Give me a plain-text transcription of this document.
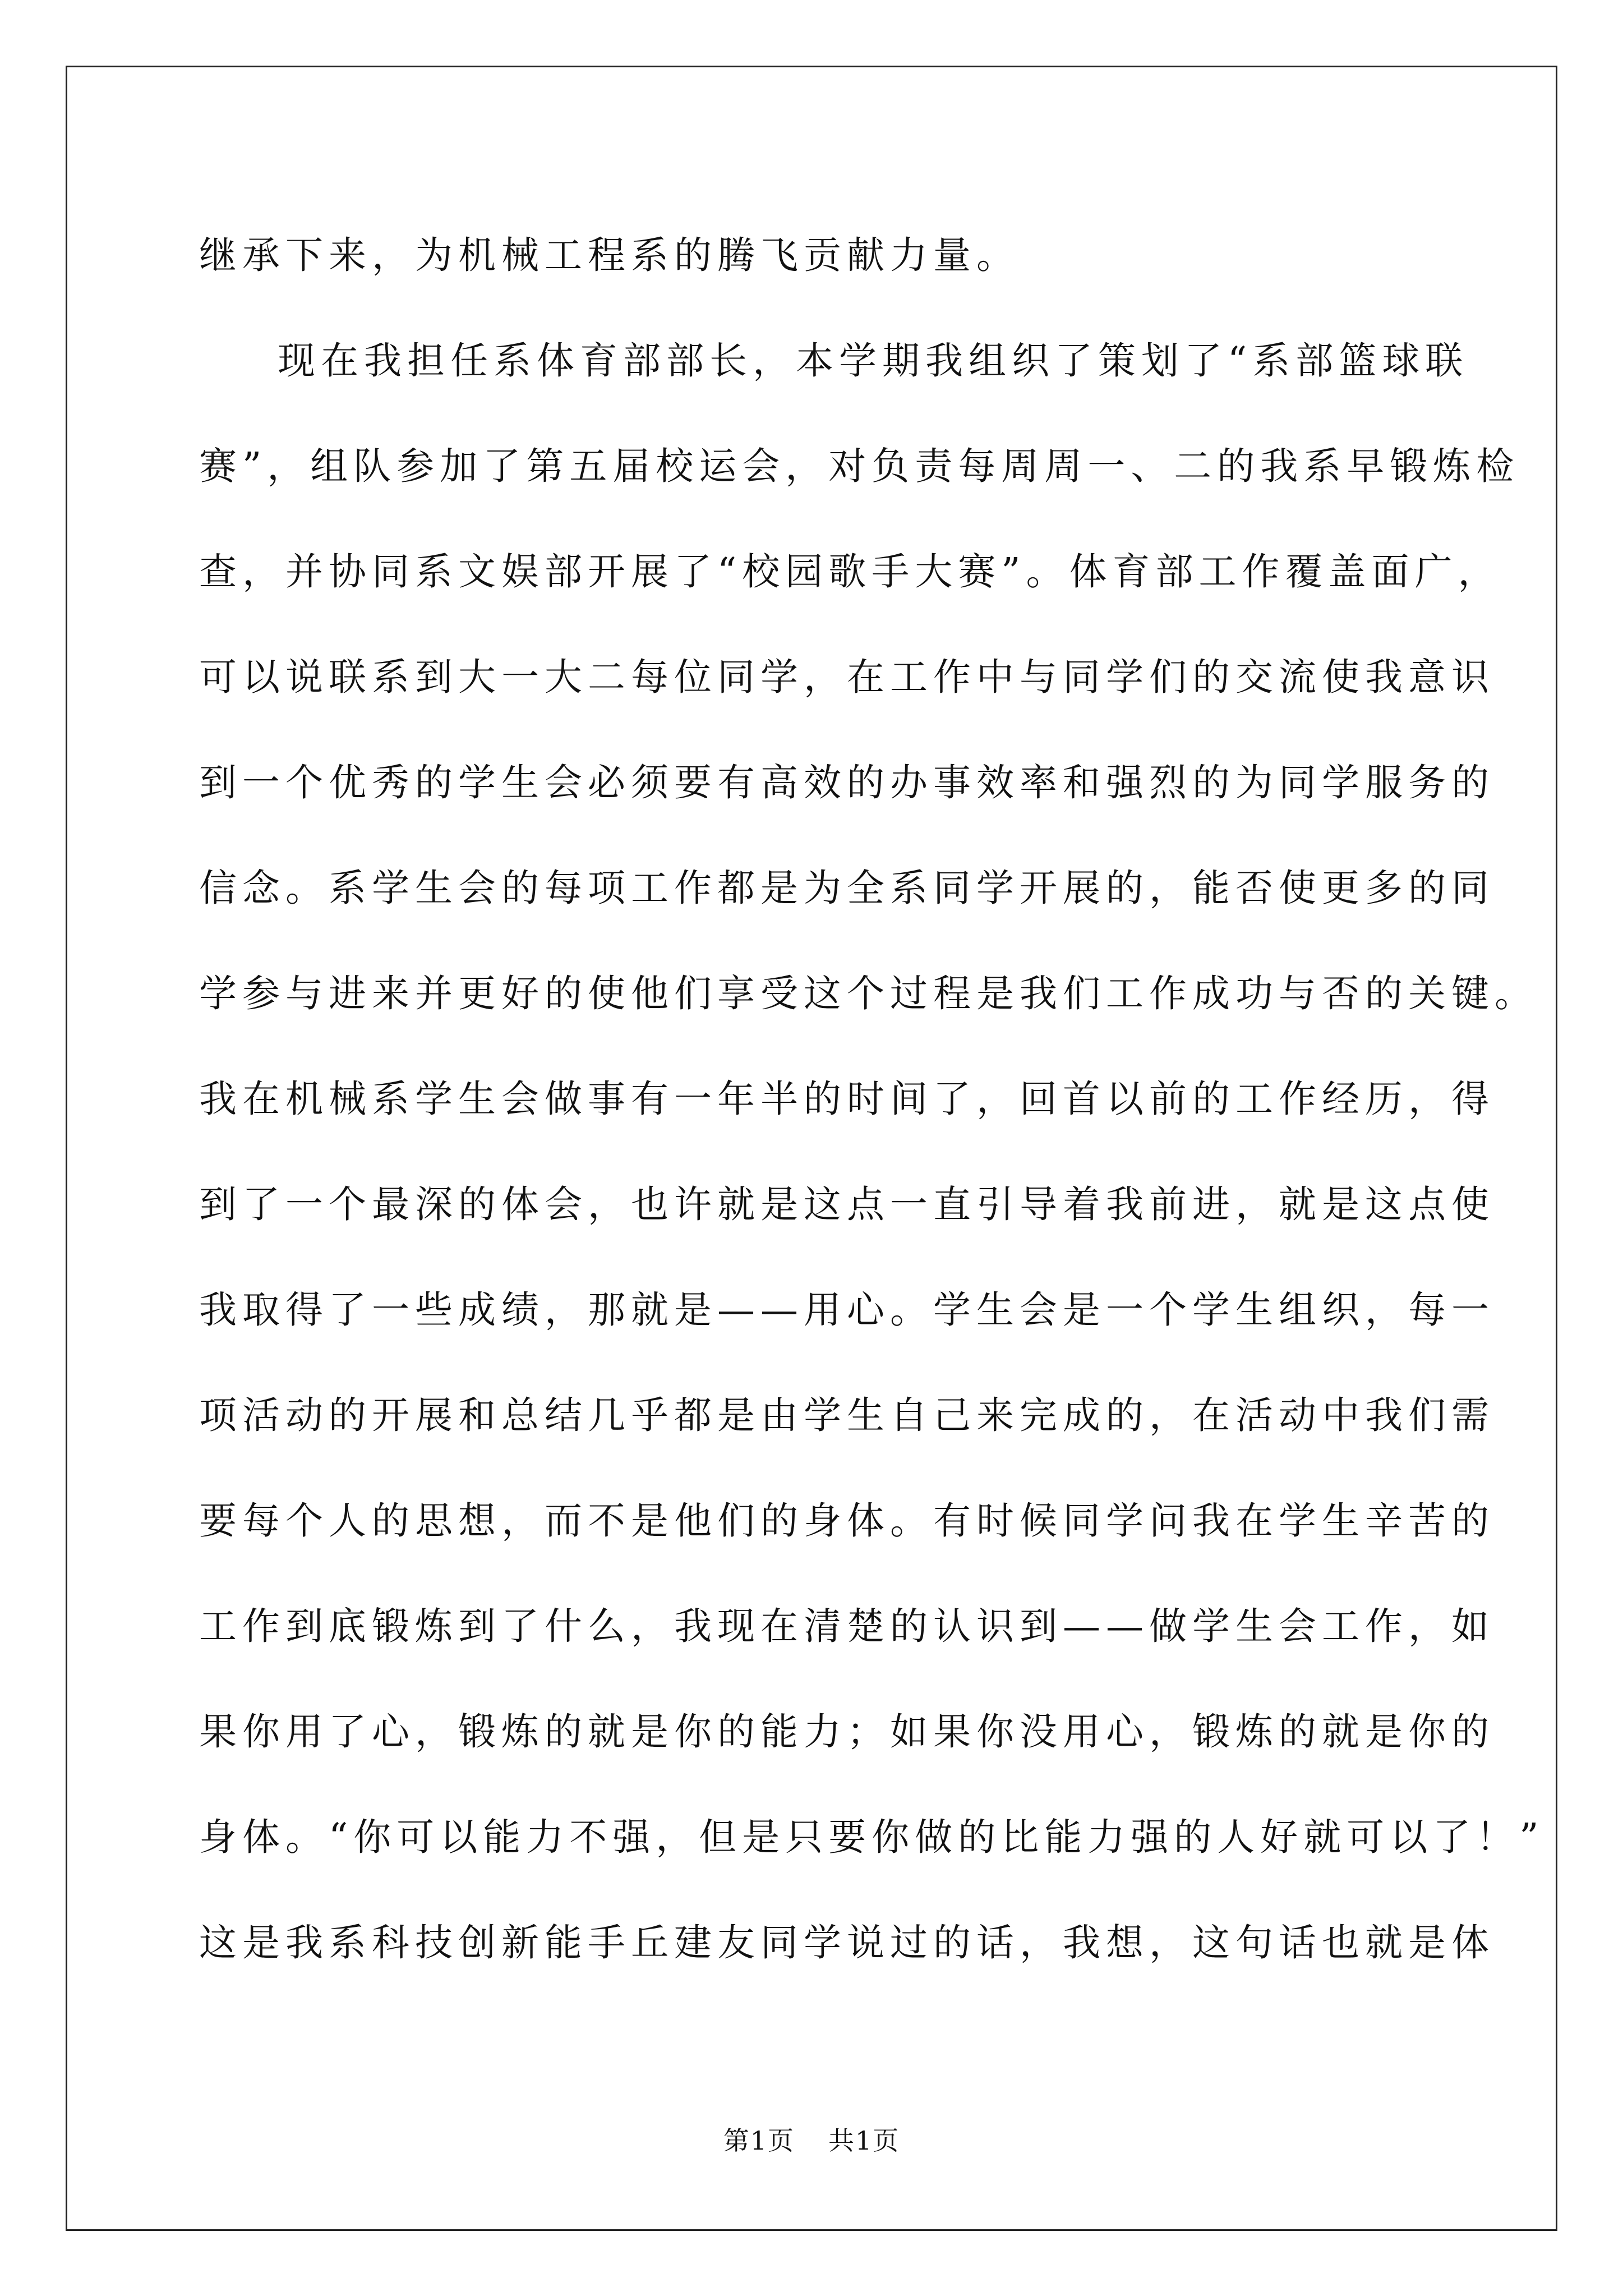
继承下来，为机械工程系的腾飞贡献力量。
现在我担任系体育部部长，本学期我组织了策划了“系部篮球联
赛”，组队参加了第五届校运会，对负责每周周一、二的我系早锻炼检
查，并协同系文娱部开展了“校园歌手大赛”。体育部工作覆盖面广，
可以说联系到大一大二每位同学，在工作中与同学们的交流使我意识
到一个优秀的学生会必须要有高效的办事效率和强烈的为同学服务的
信念。系学生会的每项工作都是为全系同学开展的，能否使更多的同
学参与进来并更好的使他们享受这个过程是我们工作成功与否的关键。
我在机械系学生会做事有一年半的时间了，回首以前的工作经历，得
到了一个最深的体会，也许就是这点一直引导着我前进，就是这点使
我取得了一些成绩，那就是——用心。学生会是一个学生组织，每一
项活动的开展和总结几乎都是由学生自己来完成的，在活动中我们需
要每个人的思想，而不是他们的身体。有时候同学问我在学生辛苦的
工作到底锻炼到了什么，我现在清楚的认识到——做学生会工作，如
果你用了心，锻炼的就是你的能力；如果你没用心，锻炼的就是你的
身体。“你可以能力不强，但是只要你做的比能力强的人好就可以了！”
这是我系科技创新能手丘建友同学说过的话，我想，这句话也就是体
第1页 共1页
